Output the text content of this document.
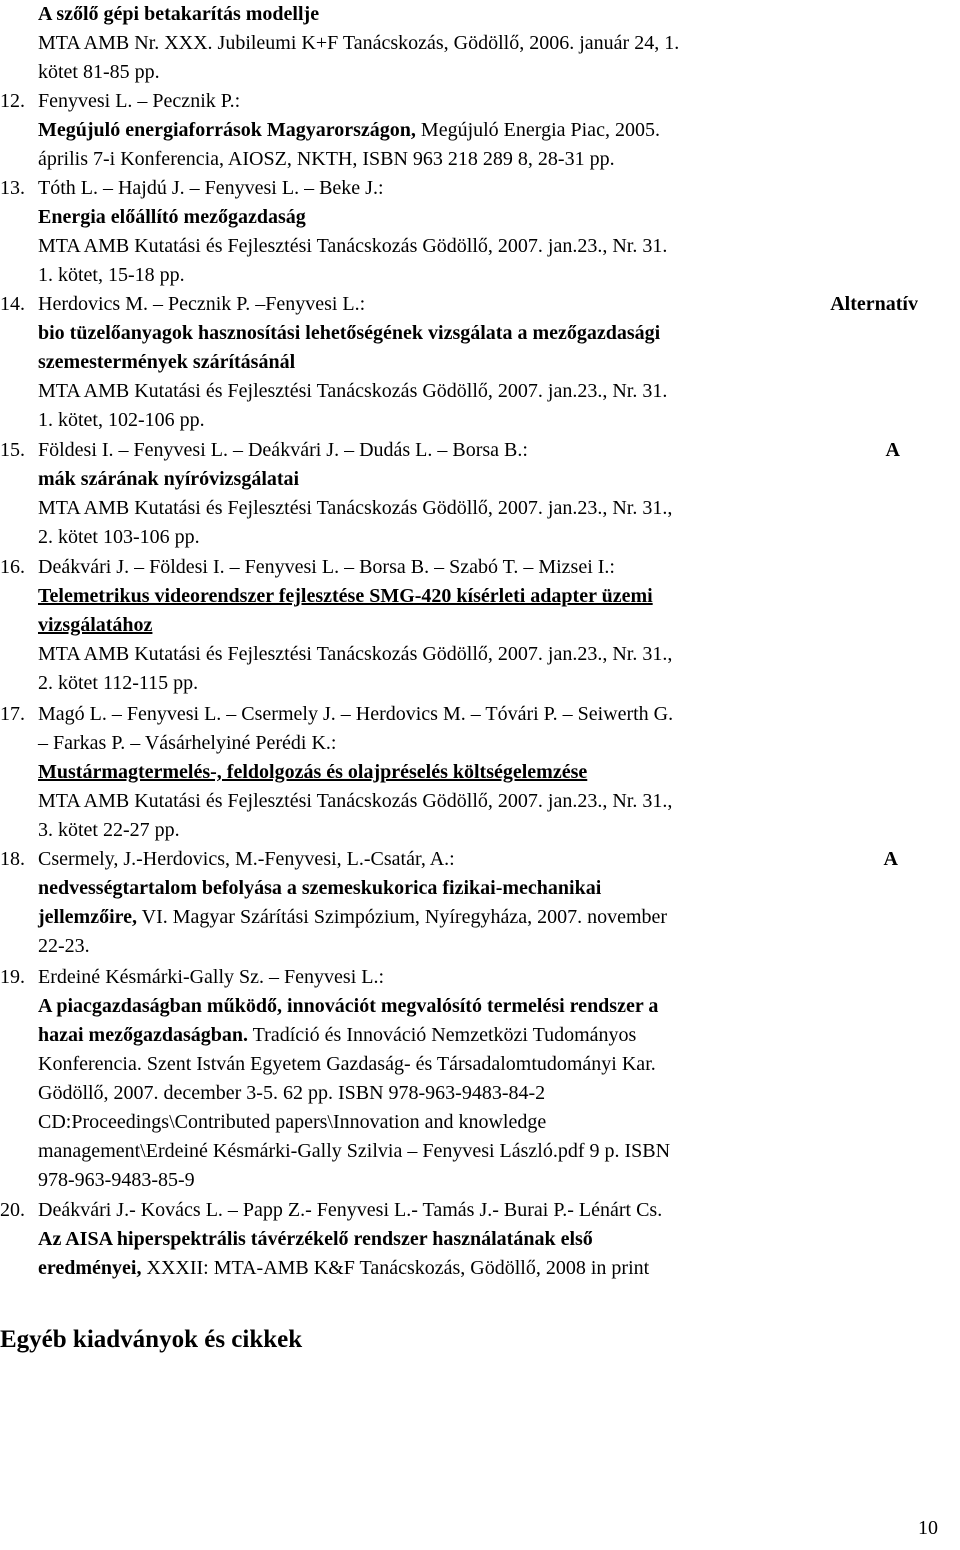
A szőlő gépi betakarítás modellje
MTA AMB Nr. XXX. Jubileumi K+F Tanácskozás, Gödöllő, 2006. január 24, 1.
kötet 81-85 pp.
12. Fenyvesi L. – Pecznik P.:
Megújuló energiaforrások Magyarországon, Megújuló Energia Piac, 2005.
április 7-i Konferencia, AIOSZ, NKTH, ISBN 963 218 289 8, 28-31 pp.
13. Tóth L. – Hajdú J. – Fenyvesi L. – Beke J.:
Energia előállító mezőgazdaság
MTA AMB Kutatási és Fejlesztési Tanácskozás Gödöllő, 2007. jan.23., Nr. 31.
1. kötet, 15-18 pp.
14. Herdovics M. – Pecznik P. –Fenyvesi L.:	Alternatív
bio tüzelőanyagok hasznosítási lehetőségének vizsgálata a mezőgazdasági
szemestermények szárításánál
MTA AMB Kutatási és Fejlesztési Tanácskozás Gödöllő, 2007. jan.23., Nr. 31.
1. kötet, 102-106 pp.
15. Földesi I. – Fenyvesi L. – Deákvári J. – Dudás L. – Borsa B.:	A
mák szárának nyíróvizsgálatai
MTA AMB Kutatási és Fejlesztési Tanácskozás Gödöllő, 2007. jan.23., Nr. 31.,
2. kötet 103-106 pp.
16. Deákvári J. – Földesi I. – Fenyvesi L. – Borsa B. – Szabó T. – Mizsei I.:
Telemetrikus videorendszer fejlesztése SMG-420 kísérleti adapter üzemi
vizsgálatához
MTA AMB Kutatási és Fejlesztési Tanácskozás Gödöllő, 2007. jan.23., Nr. 31.,
2. kötet 112-115 pp.
17. Magó L. – Fenyvesi L. – Csermely J. – Herdovics M. – Tóvári P. – Seiwerth G.
– Farkas P. – Vásárhelyiné Perédi K.:
Mustármagtermelés-, feldolgozás és olajpréselés költségelemzése
MTA AMB Kutatási és Fejlesztési Tanácskozás Gödöllő, 2007. jan.23., Nr. 31.,
3. kötet 22-27 pp.
18. Csermely, J.-Herdovics, M.-Fenyvesi, L.-Csatár, A.:	A
nedvességtartalom befolyása a szemeskukorica fizikai-mechanikai
jellemzőire, VI. Magyar Szárítási Szimpózium, Nyíregyháza, 2007. november
22-23.
19. Erdeiné Késmárki-Gally Sz. – Fenyvesi L.:
A piacgazdaságban működő, innovációt megvalósító termelési rendszer a
hazai mezőgazdaságban. Tradíció és Innováció Nemzetközi Tudományos
Konferencia. Szent István Egyetem Gazdaság- és Társadalomtudományi Kar.
Gödöllő, 2007. december 3-5. 62 pp. ISBN 978-963-9483-84-2
CD:Proceedings\Contributed papers\Innovation and knowledge
management\Erdeiné Késmárki-Gally Szilvia – Fenyvesi László.pdf 9 p. ISBN
978-963-9483-85-9
20. Deákvári J.- Kovács L. – Papp Z.- Fenyvesi L.- Tamás J.- Burai P.- Lénárt Cs.
Az AISA hiperspektrális távérzékelő rendszer használatának első
eredményei, XXXII: MTA-AMB K&F Tanácskozás, Gödöllő, 2008 in print
Egyéb kiadványok és cikkek
10
